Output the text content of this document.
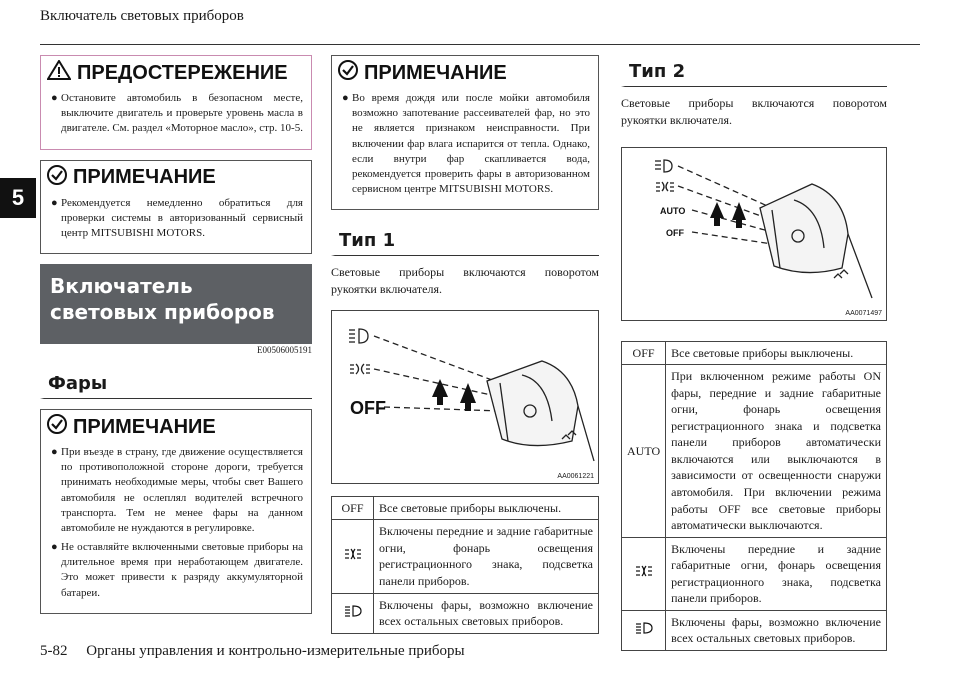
Включатель световых приборов
5
ПРЕДОСТЕРЕЖЕНИЕ
● Остановите автомобиль в безопасном месте, выключите двигатель и проверьте уровень масла в двигателе. См. раздел «Моторное масло», стр. 10-5.
ПРИМЕЧАНИЕ
● Рекомендуется немедленно обратиться для проверки системы в авторизованный сервисный центр MITSUBISHI MOTORS.
Включатель световых приборов
E00506005191
Фары
ПРИМЕЧАНИЕ
● При въезде в страну, где движение осуществляется по противоположной стороне дороги, требуется принимать необходимые меры, чтобы свет Вашего автомобиля не ослеплял водителей встречного транспорта. Тем не менее фары на данном автомобиле не нуждаются в регулировке.
● Не оставляйте включенными световые приборы на длительное время при неработающем двигателе. Это может привести к разряду аккумуляторной батареи.
ПРИМЕЧАНИЕ
● Во время дождя или после мойки автомобиля возможно запотевание рассеивателей фар, но это не является признаком неисправности. При включении фар влага испарится от тепла. Однако, если внутри фар скапливается вода, рекомендуется проверить фары в авторизованном сервисном центре MITSUBISHI MOTORS.
Тип 1
Световые приборы включаются поворотом рукоятки включателя.
OFF
AA0061221
OFF	Все световые приборы выключены.
	Включены передние и задние габаритные огни, фонарь освещения регистрационного знака, подсветка панели приборов.
	Включены фары, возможно включение всех остальных световых приборов.
Тип 2
Световые приборы включаются поворотом рукоятки включателя.
AUTO
OFF
AA0071497
OFF	Все световые приборы выключены.
AUTO	При включенном режиме работы ON фары, передние и задние габаритные огни, фонарь освещения регистрационного знака и подсветка панели приборов автоматически включаются или выключаются в зависимости от освещенности снаружи автомобиля. При включении режима работы OFF все световые приборы автоматически выключаются.
	Включены передние и задние габаритные огни, фонарь освещения регистрационного знака, подсветка панели приборов.
	Включены фары, возможно включение всех остальных световых приборов.
5-82     Органы управления и контрольно-измерительные приборы
